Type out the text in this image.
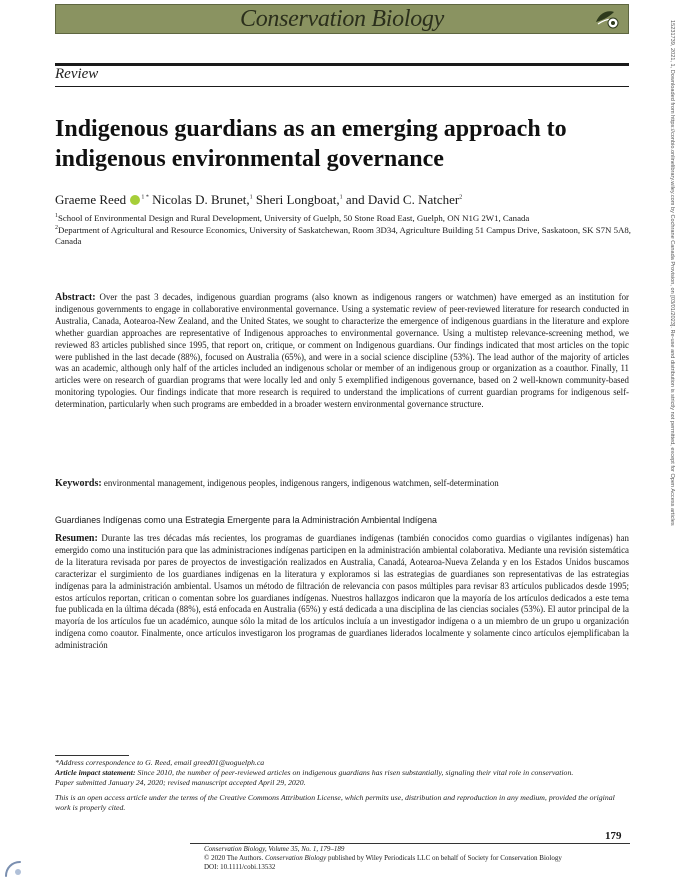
Conservation Biology
15231739, 2021, 1, Downloaded from https://conbio.onlinelibrary.wiley.com by Cochrane Canada Provision, on [03/01/2023]. Re-use and distribution is strictly not permitted, except for Open Access articles
Review
Indigenous guardians as an emerging approach to indigenous environmental governance
Graeme Reed	$^{1 *}$ Nicolas D. Brunet,$^1$ Sheri Longboat,$^1$ and David C. Natcher$^2$
$^1$School of Environmental Design and Rural Development, University of Guelph, 50 Stone Road East, Guelph, ON N1G 2W1, Canada
$^2$Department of Agricultural and Resource Economics, University of Saskatchewan, Room 3D34, Agriculture Building 51 Campus Drive, Saskatoon, SK S7N 5A8, Canada

Abstract: Over the past 3 decades, indigenous guardian programs (also known as indigenous rangers or watchmen) have emerged as an institution for indigenous governments to engage in collaborative environmental governance. Using a systematic review of peer-reviewed literature for research conducted in Australia, Canada, Aotearoa-New Zealand, and the United States, we sought to characterize the emergence of indigenous guardians in the literature and explore whether guardian approaches are representative of Indigenous approaches to environmental governance. Using a multistep relevance-screening method, we reviewed 83 articles published since 1995, that report on, critique, or comment on Indigenous guardians. Our findings indicated that most articles on the topic were published in the last decade (88%), focused on Australia (65%), and were in a social science discipline (53%). The lead author of the majority of articles was an academic, although only half of the articles included an indigenous scholar or member of an indigenous group or organization as a coauthor. Finally, 11 articles were on research of guardian programs that were locally led and only 5 exemplified indigenous governance, based on 2 well-known community-based monitoring typologies. Our findings indicate that more research is required to understand the implications of current guardian programs for indigenous self-determination, particularly when such programs are embedded in a broader western environmental governance structure.

Keywords: environmental management, indigenous peoples, indigenous rangers, indigenous watchmen, self-determination

Guardianes Indígenas como una Estrategia Emergente para la Administración Ambiental Indígena

Resumen: Durante las tres décadas más recientes, los programas de guardianes indígenas (también conocidos como guardias o vigilantes indígenas) han emergido como una institución para que las administraciones indígenas participen en la administración ambiental colaborativa. Mediante una revisión sistemática de la literatura revisada por pares de proyectos de investigación realizados en Australia, Canadá, Aotearoa-Nueva Zelanda y en los Estados Unidos buscamos caracterizar el surgimiento de los guardianes indígenas en la literatura y exploramos si las estrategias de guardianes son representativas de las estrategias indígenas para la administración ambiental. Usamos un método de filtración de relevancia con pasos múltiples para revisar 83 artículos publicados desde 1995; estos artículos reportan, critican o comentan sobre los guardianes indígenas. Nuestros hallazgos indicaron que la mayoría de los artículos dedicados a este tema fue publicada en la última década (88%), está enfocada en Australia (65%) y está dedicada a una disciplina de las ciencias sociales (53%). El autor principal de la mayoría de los artículos fue un académico, aunque sólo la mitad de los artículos incluía a un investigador indígena o a un miembro de un grupo u organización indígena como coautor. Finalmente, once artículos investigaron los programas de guardianes liderados localmente y solamente cinco artículos ejemplificaban la administración

*Address correspondence to G. Reed, email greed01@uoguelph.ca

Article impact statement: Since 2010, the number of peer-reviewed articles on indigenous guardians has risen substantially, signaling their vital role in conservation.

Paper submitted January 24, 2020; revised manuscript accepted April 29, 2020.

This is an open access article under the terms of the Creative Commons Attribution License, which permits use, distribution and reproduction in any medium, provided the original work is properly cited.

179

Conservation Biology, Volume 35, No. 1, 179–189

© 2020 The Authors. Conservation Biology published by Wiley Periodicals LLC on behalf of Society for Conservation Biology

DOI: 10.1111/cobi.13532
